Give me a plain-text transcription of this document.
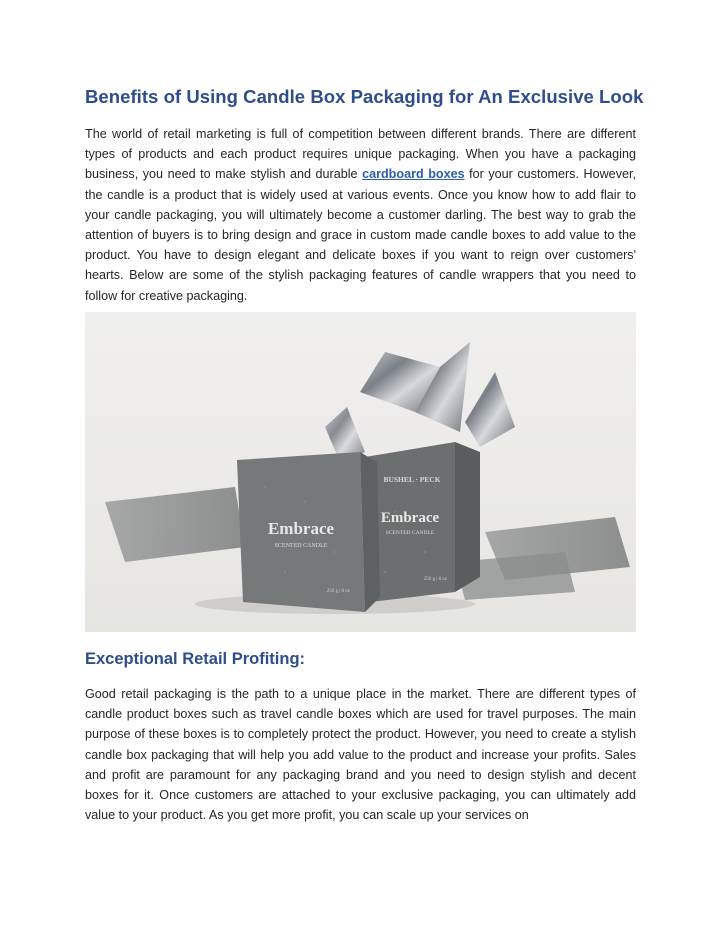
Benefits of Using Candle Box Packaging for An Exclusive Look

The world of retail marketing is full of competition between different brands. There are different types of products and each product requires unique packaging. When you have a packaging business, you need to make stylish and durable cardboard boxes for your customers. However, the candle is a product that is widely used at various events. Once you know how to add flair to your candle packaging, you will ultimately become a customer darling. The best way to grab the attention of buyers is to bring design and grace in custom made candle boxes to add value to the product. You have to design elegant and delicate boxes if you want to reign over customers' hearts. Below are some of the stylish packaging features of candle wrappers that you need to follow for creative packaging.

Embrace
SCENTED CANDLE
250 g | 8 oz
BUSHEL · PECK
Embrace
SCENTED CANDLE
250 g | 8 oz
Exceptional Retail Profiting:

Good retail packaging is the path to a unique place in the market. There are different types of candle product boxes such as travel candle boxes which are used for travel purposes. The main purpose of these boxes is to completely protect the product. However, you need to create a stylish candle box packaging that will help you add value to the product and increase your profits. Sales and profit are paramount for any packaging brand and you need to design stylish and decent boxes for it. Once customers are attached to your exclusive packaging, you can ultimately add value to your product. As you get more profit, you can scale up your services on
